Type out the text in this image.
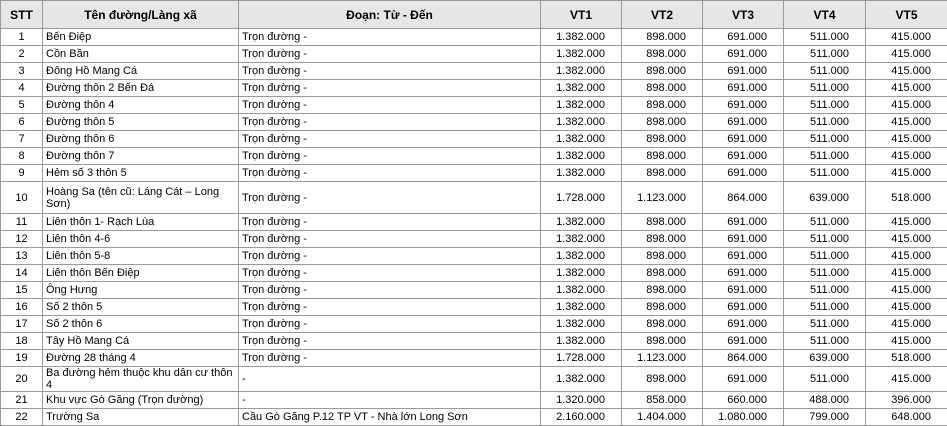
STT	Tên đường/Làng xã	Đoạn: Từ - Đến	VT1	VT2	VT3	VT4	VT5
1	Bến Điệp	Trọn đường -	1.382.000	898.000	691.000	511.000	415.000
2	Cồn Bần	Trọn đường -	1.382.000	898.000	691.000	511.000	415.000
3	Đông Hồ Mang Cá	Trọn đường -	1.382.000	898.000	691.000	511.000	415.000
4	Đường thôn 2 Bến Đá	Trọn đường -	1.382.000	898.000	691.000	511.000	415.000
5	Đường thôn 4	Trọn đường -	1.382.000	898.000	691.000	511.000	415.000
6	Đường thôn 5	Trọn đường -	1.382.000	898.000	691.000	511.000	415.000
7	Đường thôn 6	Trọn đường -	1.382.000	898.000	691.000	511.000	415.000
8	Đường thôn 7	Trọn đường -	1.382.000	898.000	691.000	511.000	415.000
9	Hẻm số 3 thôn 5	Trọn đường -	1.382.000	898.000	691.000	511.000	415.000
10	Hoàng Sa (tên cũ: Láng Cát – Long Sơn)	Trọn đường -	1.728.000	1.123.000	864.000	639.000	518.000
11	Liên thôn 1- Rạch Lùa	Trọn đường -	1.382.000	898.000	691.000	511.000	415.000
12	Liên thôn 4-6	Trọn đường -	1.382.000	898.000	691.000	511.000	415.000
13	Liên thôn 5-8	Trọn đường -	1.382.000	898.000	691.000	511.000	415.000
14	Liên thôn Bến Điệp	Trọn đường -	1.382.000	898.000	691.000	511.000	415.000
15	Ông Hưng	Trọn đường -	1.382.000	898.000	691.000	511.000	415.000
16	Số 2 thôn 5	Trọn đường -	1.382.000	898.000	691.000	511.000	415.000
17	Số 2 thôn 6	Trọn đường -	1.382.000	898.000	691.000	511.000	415.000
18	Tây Hồ Mang Cá	Trọn đường -	1.382.000	898.000	691.000	511.000	415.000
19	Đường 28 tháng 4	Trọn đường -	1.728.000	1.123.000	864.000	639.000	518.000
20	Ba đường hẻm thuộc khu dân cư thôn 4	-	1.382.000	898.000	691.000	511.000	415.000
21	Khu vực Gò Găng (Trọn đường)	-	1.320.000	858.000	660.000	488.000	396.000
22	Trường Sa	Cầu Gò Găng P.12 TP VT - Nhà lớn Long Sơn	2.160.000	1.404.000	1.080.000	799.000	648.000
